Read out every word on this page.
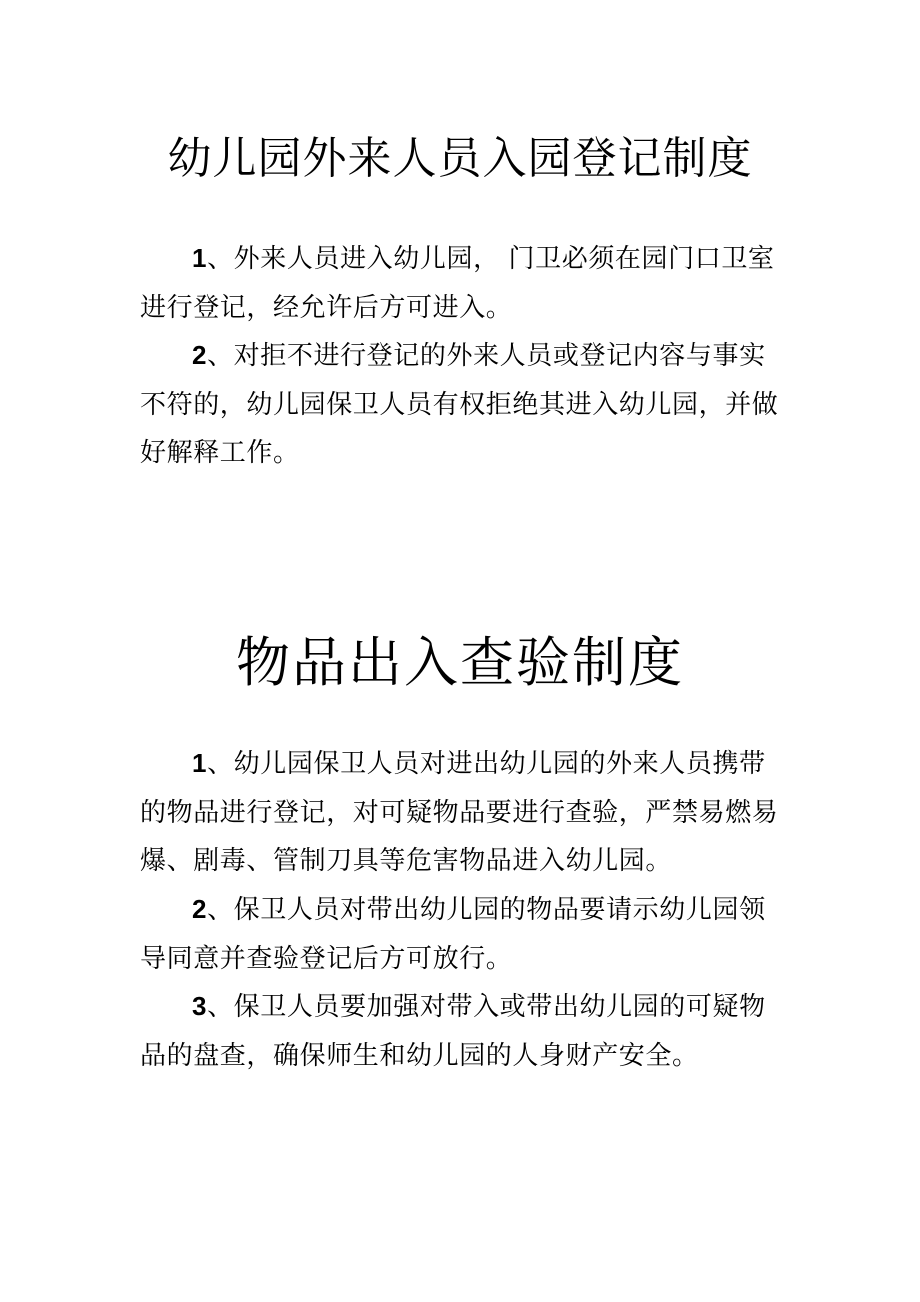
幼儿园外来人员入园登记制度

1、外来人员进入幼儿园， 门卫必须在园门口卫室进行登记，经允许后方可进入。

2、对拒不进行登记的外来人员或登记内容与事实不符的，幼儿园保卫人员有权拒绝其进入幼儿园，并做好解释工作。

物品出入查验制度

1、幼儿园保卫人员对进出幼儿园的外来人员携带的物品进行登记，对可疑物品要进行查验，严禁易燃易爆、剧毒、管制刀具等危害物品进入幼儿园。

2、保卫人员对带出幼儿园的物品要请示幼儿园领导同意并查验登记后方可放行。

3、保卫人员要加强对带入或带出幼儿园的可疑物品的盘查，确保师生和幼儿园的人身财产安全。
